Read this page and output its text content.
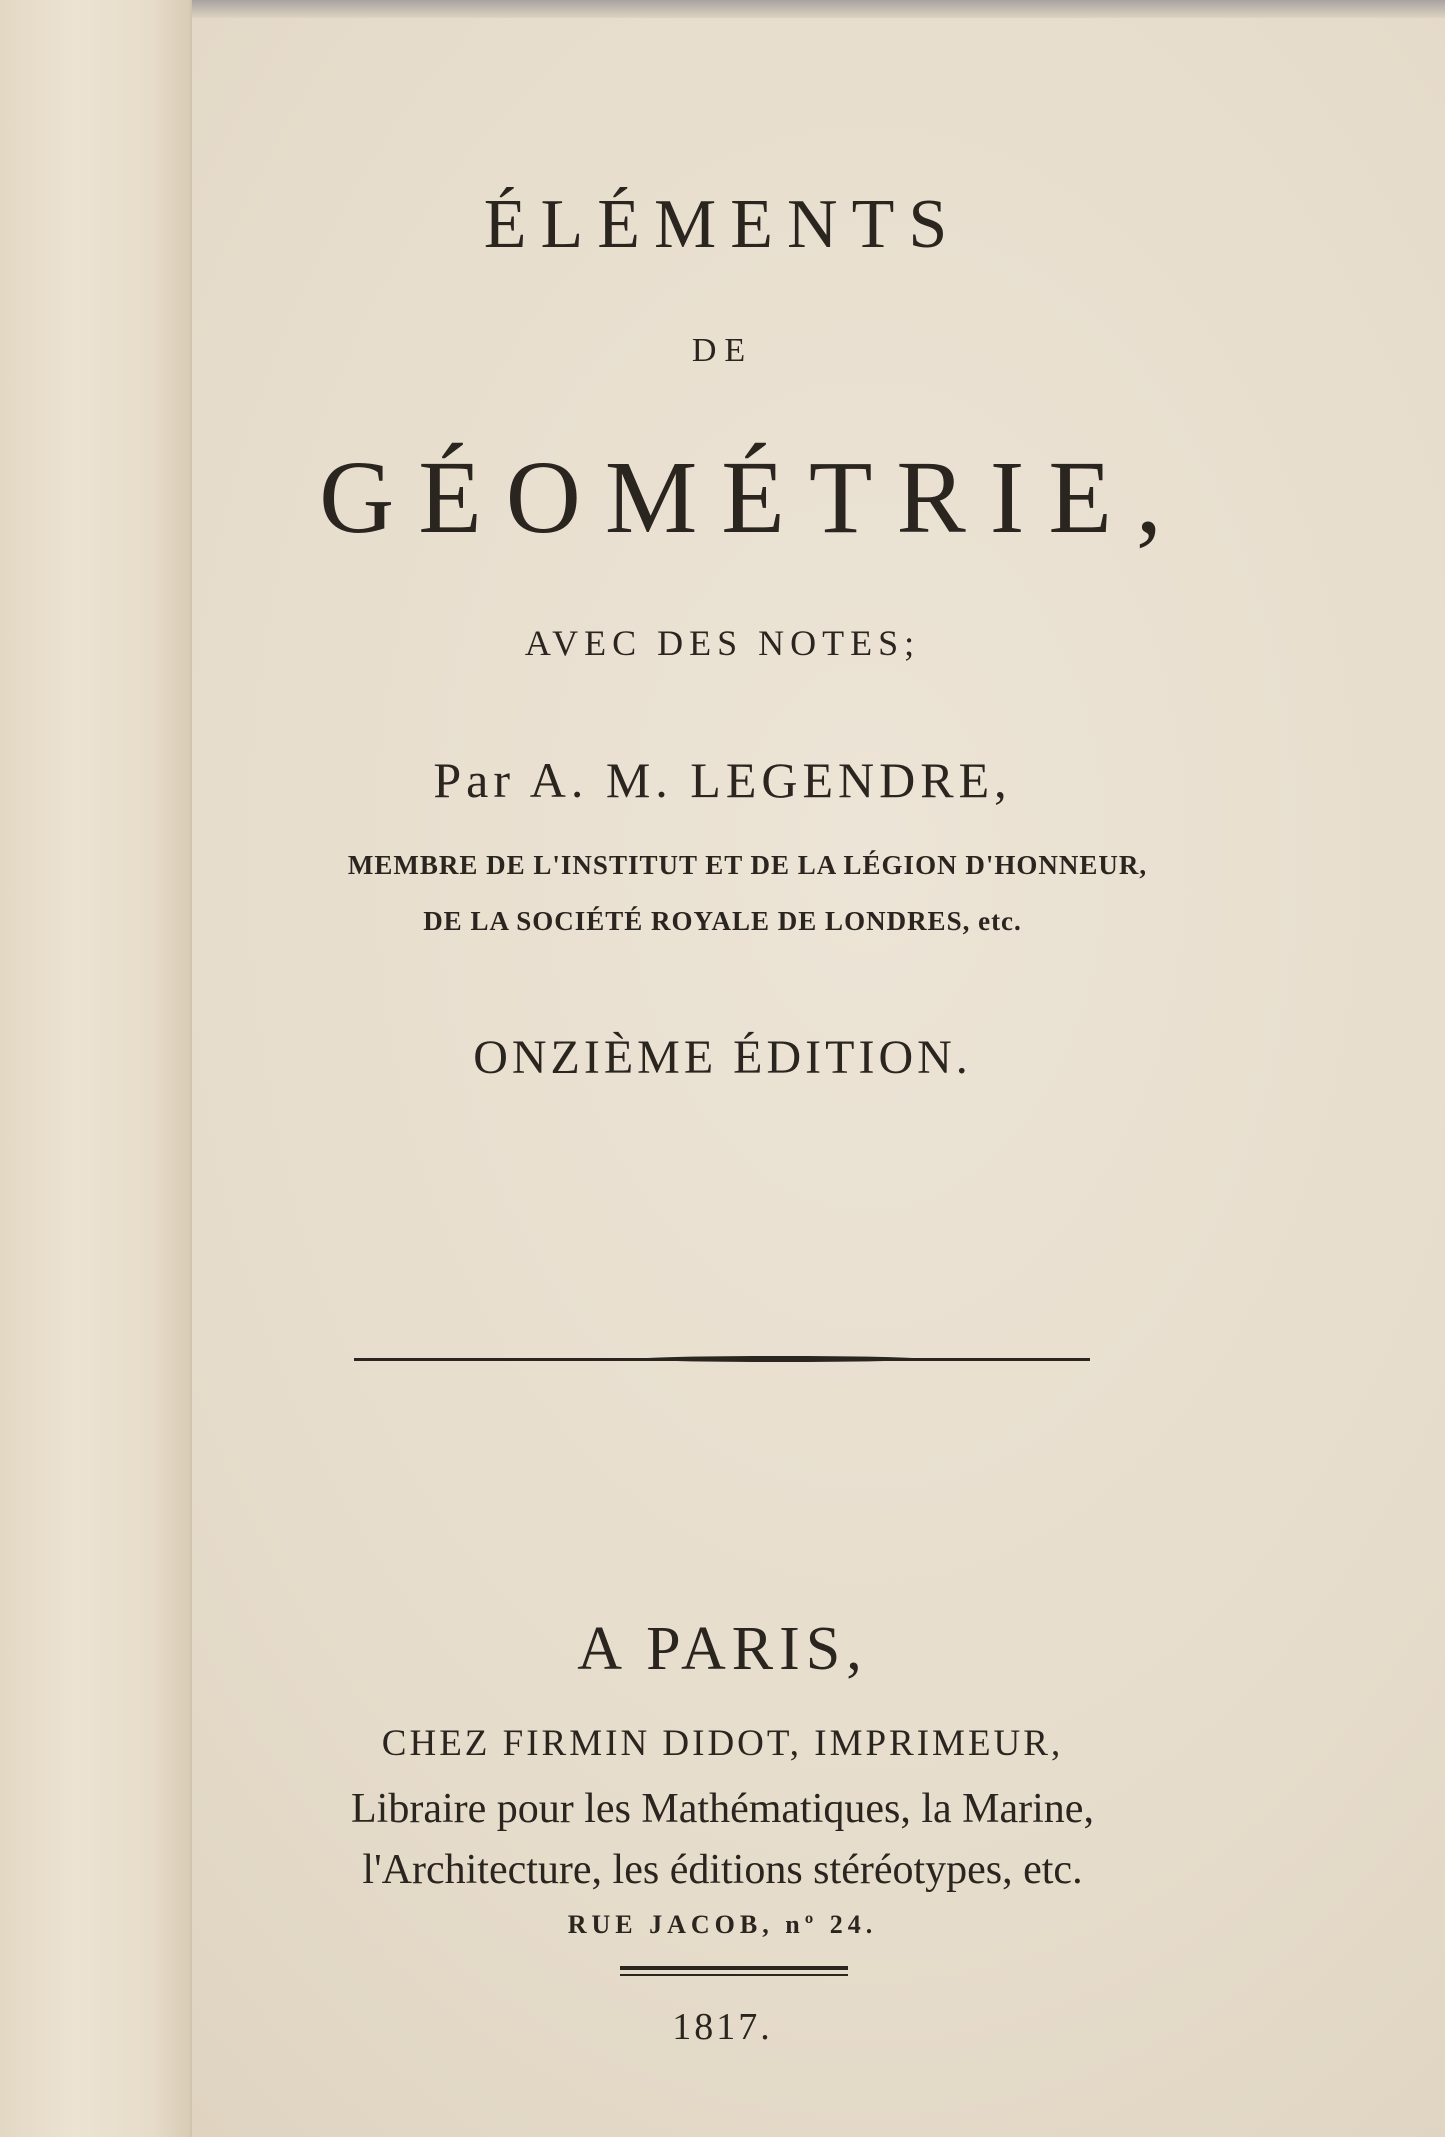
ÉLÉMENTS
DE
GÉOMÉTRIE,
AVEC DES NOTES;
Par A. M. LEGENDRE,
MEMBRE DE L'INSTITUT ET DE LA LÉGION D'HONNEUR,
DE LA SOCIÉTÉ ROYALE DE LONDRES, etc.
ONZIÈME ÉDITION.
A PARIS,
CHEZ FIRMIN DIDOT, IMPRIMEUR,
Libraire pour les Mathématiques, la Marine,
l'Architecture, les éditions stéréotypes, etc.
RUE JACOB, nº 24.
1817.
